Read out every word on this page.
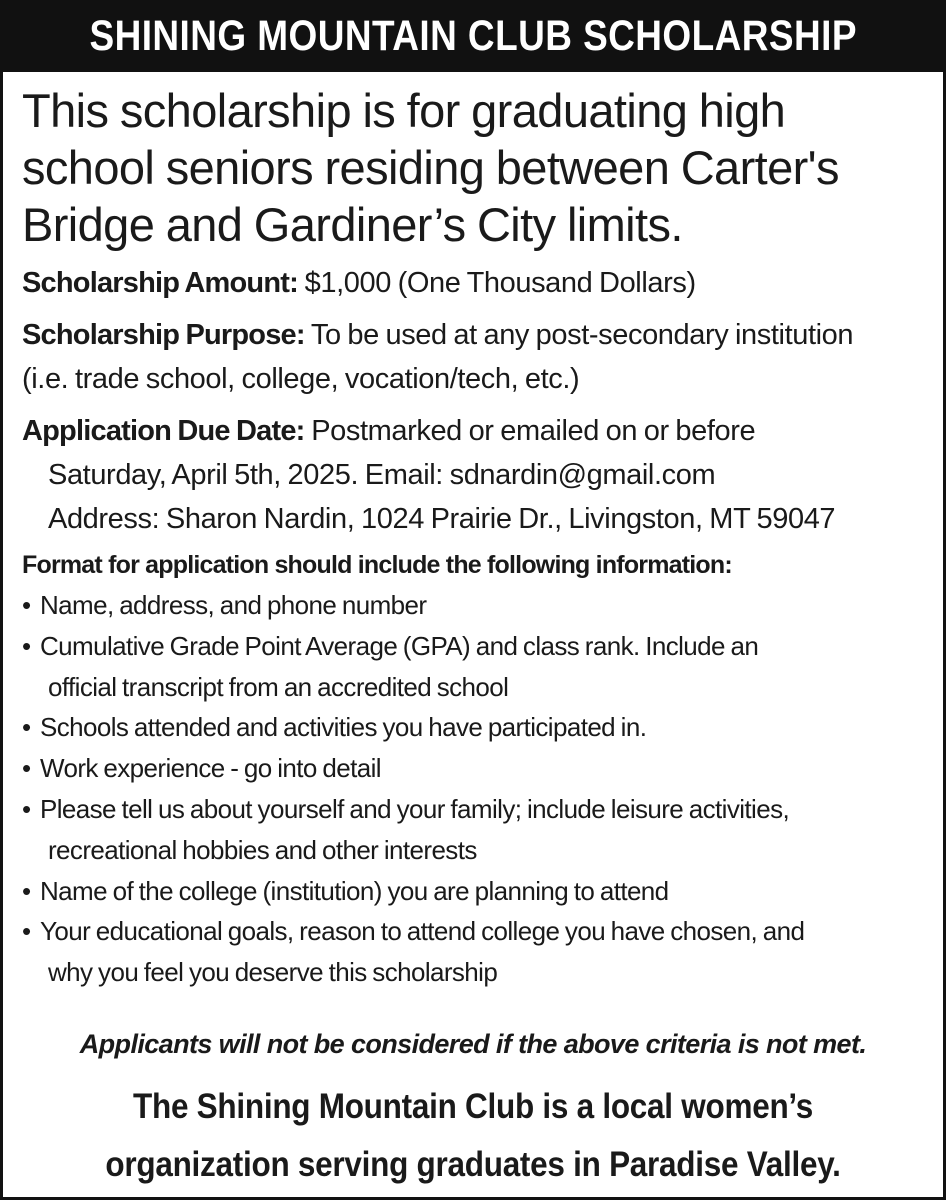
SHINING MOUNTAIN CLUB SCHOLARSHIP

This scholarship is for graduating high
school seniors residing between Carter's
Bridge and Gardiner’s City limits.

Scholarship Amount: $1,000 (One Thousand Dollars)

Scholarship Purpose: To be used at any post-secondary institution
(i.e. trade school, college, vocation/tech, etc.)

Application Due Date: Postmarked or emailed on or before
Saturday, April 5th, 2025. Email: sdnardin@gmail.com
Address: Sharon Nardin, 1024 Prairie Dr., Livingston, MT 59047

Format for application should include the following information:

• Name, address, and phone number
• Cumulative Grade Point Average (GPA) and class rank. Include an
official transcript from an accredited school
• Schools attended and activities you have participated in.
• Work experience - go into detail
• Please tell us about yourself and your family; include leisure activities,
recreational hobbies and other interests
• Name of the college (institution) you are planning to attend
• Your educational goals, reason to attend college you have chosen, and
why you feel you deserve this scholarship
Applicants will not be considered if the above criteria is not met.
The Shining Mountain Club is a local women’s
organization serving graduates in Paradise Valley.
